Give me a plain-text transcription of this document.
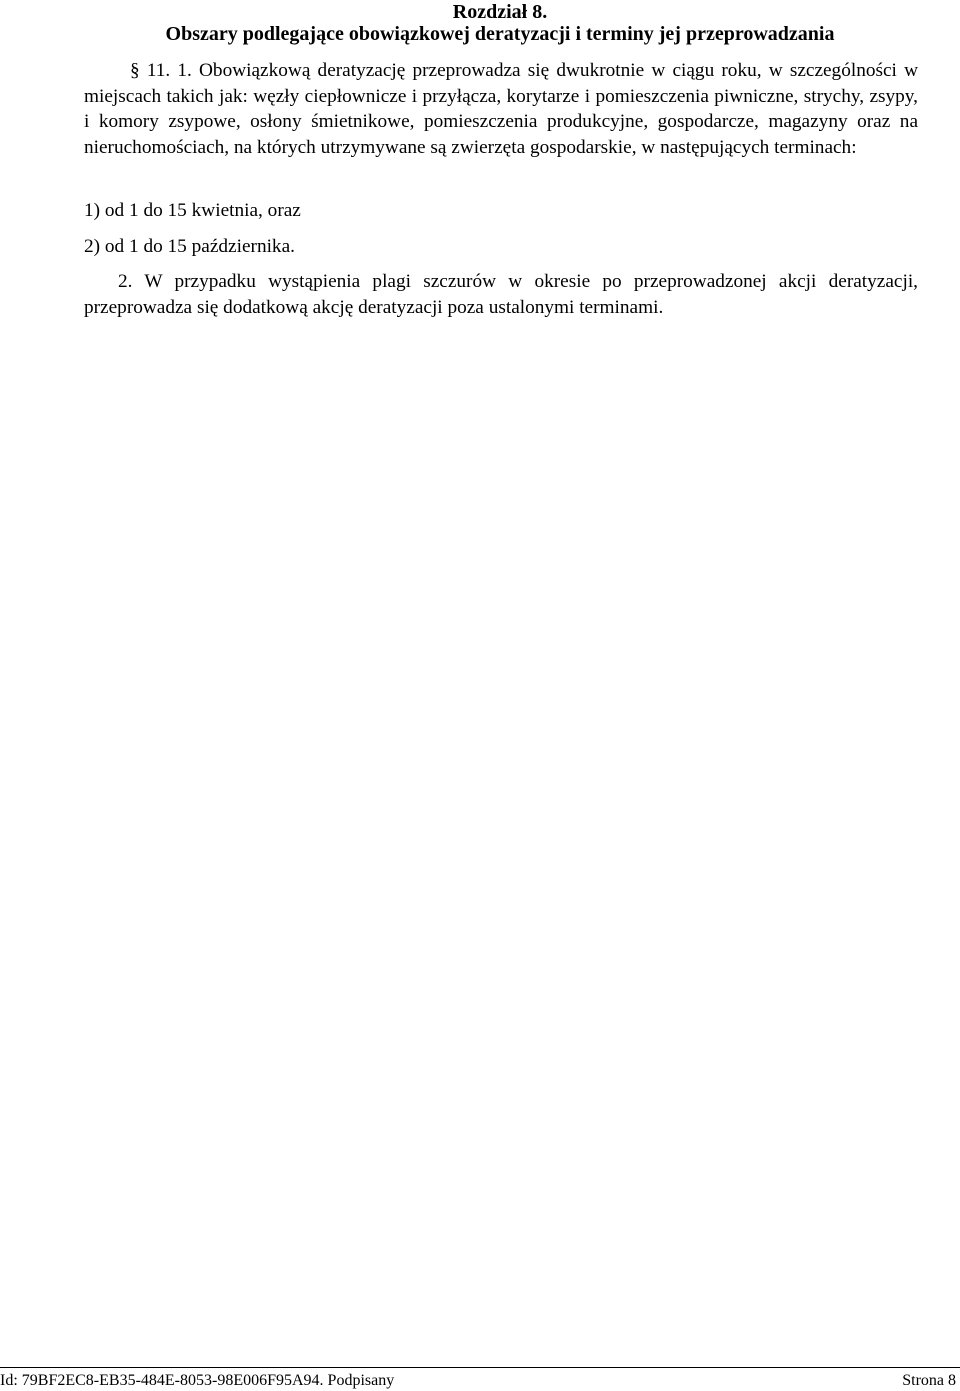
Rozdział 8.
Obszary podlegające obowiązkowej deratyzacji i terminy jej przeprowadzania

§ 11. 1. Obowiązkową deratyzację przeprowadza się dwukrotnie w ciągu roku, w szczególności w miejscach takich jak: węzły ciepłownicze i przyłącza, korytarze i pomieszczenia piwniczne, strychy, zsypy, i komory zsypowe, osłony śmietnikowe, pomieszczenia produkcyjne, gospodarcze, magazyny oraz na nieruchomościach, na których utrzymywane są zwierzęta gospodarskie, w następujących terminach:

1) od 1 do 15 kwietnia, oraz
2) od 1 do 15 października.

2. W przypadku wystąpienia plagi szczurów w okresie po przeprowadzonej akcji deratyzacji, przeprowadza się dodatkową akcję deratyzacji poza ustalonymi terminami.

Id: 79BF2EC8-EB35-484E-8053-98E006F95A94. Podpisany	Strona 8
